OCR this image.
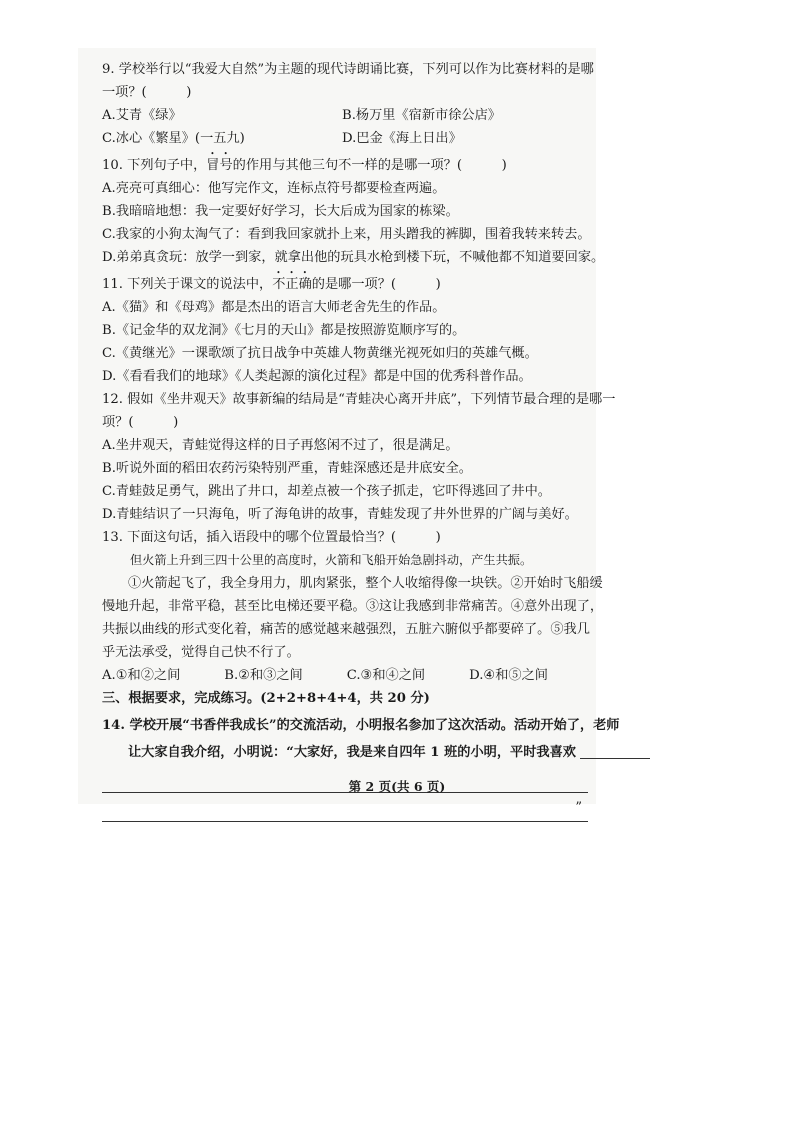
9. 学校举行以“我爱大自然”为主题的现代诗朗诵比赛，下列可以作为比赛材料的是哪
一项？(　　　)
A.艾青《绿》	B.杨万里《宿新市徐公店》
C.冰心《繁星》(一五九)	D.巴金《海上日出》
10. 下列句子中，冒号的作用与其他三句不一样的是哪一项？(　　　)
A.亮亮可真细心：他写完作文，连标点符号都要检查两遍。
B.我暗暗地想：我一定要好好学习，长大后成为国家的栋梁。
C.我家的小狗太淘气了：看到我回家就扑上来，用头蹭我的裤脚，围着我转来转去。
D.弟弟真贪玩：放学一到家，就拿出他的玩具水枪到楼下玩，不喊他都不知道要回家。
11. 下列关于课文的说法中，不正确的是哪一项？(　　　)
A.《猫》和《母鸡》都是杰出的语言大师老舍先生的作品。
B.《记金华的双龙洞》《七月的天山》都是按照游览顺序写的。
C.《黄继光》一课歌颂了抗日战争中英雄人物黄继光视死如归的英雄气概。
D.《看看我们的地球》《人类起源的演化过程》都是中国的优秀科普作品。
12. 假如《坐井观天》故事新编的结局是“青蛙决心离开井底”，下列情节最合理的是哪一
项？(　　　)
A.坐井观天，青蛙觉得这样的日子再悠闲不过了，很是满足。
B.听说外面的稻田农药污染特别严重，青蛙深感还是井底安全。
C.青蛙鼓足勇气，跳出了井口，却差点被一个孩子抓走，它吓得逃回了井中。
D.青蛙结识了一只海龟，听了海龟讲的故事，青蛙发现了井外世界的广阔与美好。
13. 下面这句话，插入语段中的哪个位置最恰当？(　　　)
但火箭上升到三四十公里的高度时，火箭和飞船开始急剧抖动，产生共振。
①火箭起飞了，我全身用力，肌肉紧张，整个人收缩得像一块铁。②开始时飞船缓
慢地升起，非常平稳，甚至比电梯还要平稳。③这让我感到非常痛苦。④意外出现了，
共振以曲线的形式变化着，痛苦的感觉越来越强烈，五脏六腑似乎都要碎了。⑤我几
乎无法承受，觉得自己快不行了。
A.①和②之间	B.②和③之间	C.③和④之间	D.④和⑤之间
三、根据要求，完成练习。(2+2+8+4+4，共 20 分)
14. 学校开展“书香伴我成长”的交流活动，小明报名参加了这次活动。活动开始了，老师
让大家自我介绍，小明说：“大家好，我是来自四年 1 班的小明，平时我喜欢
”
第 2 页(共 6 页)
